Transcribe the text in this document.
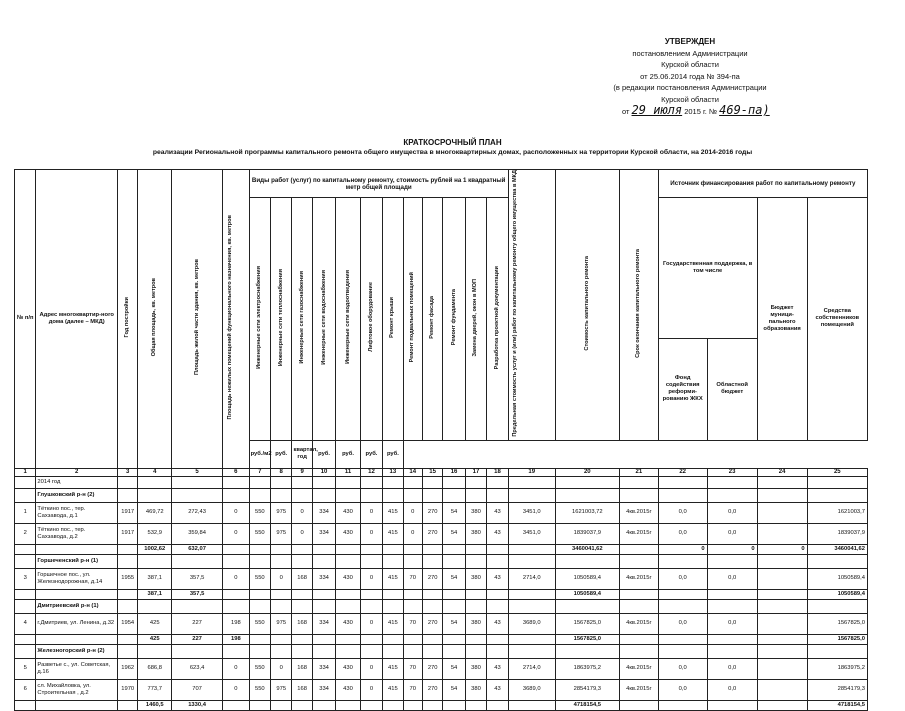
УТВЕРЖДЕН
постановлением Администрации
Курской области
от 25.06.2014 года № 394-па
(в редакции постановления Администрации
Курской области
от 29 июля 2015 г. № 469-па)
КРАТКОСРОЧНЫЙ ПЛАН
реализации Региональной программы капитального ремонта общего имущества в многоквартирных домах, расположенных на территории Курской области, на 2014-2016 годы
№ п/п	Адрес многоквартир-ного дома (далее – МКД)	Год постройки	Общая площадь, кв. метров	Площадь жилой части здания, кв. метров	Площадь нежилых помещений функционального назначения, кв. метров	Виды работ (услуг) по капитальному ремонту, стоимость рублей на 1 квадратный метр общей площади												Предельная стоимость услуг и (или) работ по капитальному ремонту общего имущества в МКД	Стоимость капитального ремонта	Срок окончания капитального ремонта	Источник финансирования работ по капитальному ремонту			
						Инженерные сети электроснабжения	Инженерные сети теплоснабжения	Инженерные сети газоснабжения	Инженерные сети водоснабжения	Инженерные сети водоотведения	Лифтовое оборудование	Ремонт крыши	Ремонт подвальных помещений	Ремонт фасада	Ремонт фундамента	Замена дверей, окон в МОП	Разработка проектной документации				Государственная поддержка, в том числе		Бюджет муници-пального образования	Средства собственников помещений
																					Фонд содействия реформи-рованию ЖКХ	Областной бюджет		
						руб./м2	руб.	квартал, год	руб.	руб.	руб.	руб.												
1	2	3	4	5	6	7	8	9	10	11	12	13	14	15	16	17	18	19	20	21	22	23	24	25
	2014 год																							
	Глушковский р-н (2)																							
1	Тёткино пос., тер. Сахзавода, д.1	1917	469,72	272,43	0	550	975	0	334	430	0	415	0	270	54	380	43	3451,0	1621003,72	4кв.2015г	0,0	0,0		1621003,7
2	Тёткино пос., тер. Сахзавода, д.2	1917	532,9	359,84	0	550	975	0	334	430	0	415	0	270	54	380	43	3451,0	1839037,9	4кв.2015г	0,0	0,0		1839037,9
			1002,62	632,07															3460041,62		0	0	0	3460041,62
	Горшеченский р-н (1)																							
3	Горшечное пос., ул. Железнодорожная, д.14	1955	387,1	357,5	0	550	0	168	334	430	0	415	70	270	54	380	43	2714,0	1050589,4	4кв.2015г	0,0	0,0		1050589,4
			387,1	357,5															1050589,4					1050589,4
	Дмитриевский р-н (1)																							
4	г.Дмитриев, ул. Ленина, д.32	1954	425	227	198	550	975	168	334	430	0	415	70	270	54	380	43	3689,0	1567825,0	4кв.2015г	0,0	0,0		1567825,0
			425	227	198														1567825,0					1567825,0
	Железногорский р-н (2)																							
5	Разветье с., ул. Советская, д.16	1962	686,8	623,4	0	550	0	168	334	430	0	415	70	270	54	380	43	2714,0	1863975,2	4кв.2015г	0,0	0,0		1863975,2
6	сл. Михайловка, ул. Строительная , д.2	1970	773,7	707	0	550	975	168	334	430	0	415	70	270	54	380	43	3689,0	2854179,3	4кв.2015г	0,0	0,0		2854179,3
			1460,5	1330,4															4718154,5					4718154,5
